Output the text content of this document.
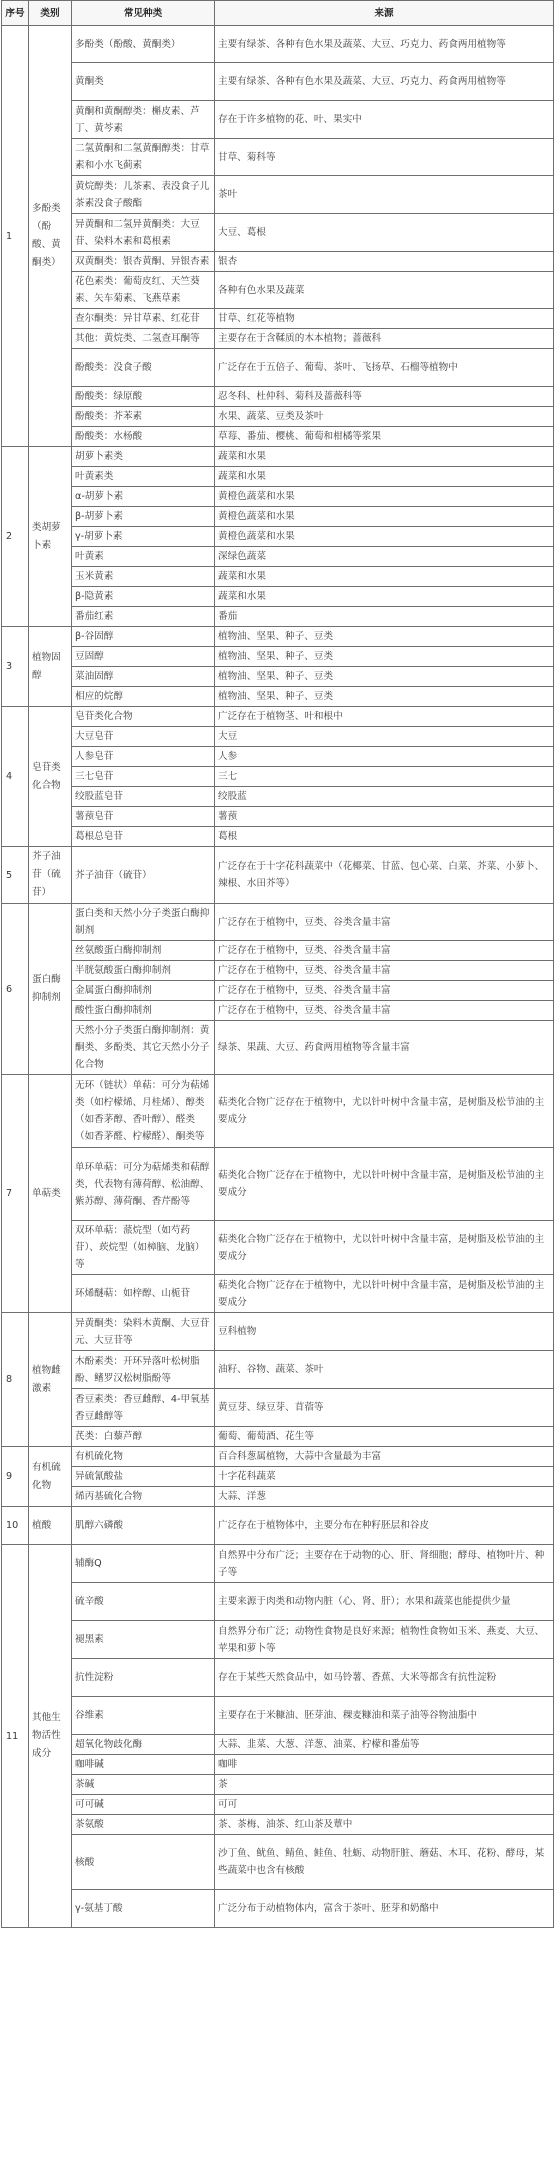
序号	类别	常见种类	来源
1	多酚类（酚酸、黄酮类）	多酚类（酚酸、黄酮类）	主要有绿茶、各种有色水果及蔬菜、大豆、巧克力、药食两用植物等
		黄酮类	主要有绿茶、各种有色水果及蔬菜、大豆、巧克力、药食两用植物等
		黄酮和黄酮醇类：槲皮素、芦丁、黄芩素	存在于许多植物的花、叶、果实中
		二氢黄酮和二氢黄酮醇类：甘草素和小水飞蓟素	甘草、菊科等
		黄烷醇类：儿茶素、表没食子儿茶素没食子酸酯	茶叶
		异黄酮和二氢异黄酮类：大豆苷、染料木素和葛根素	大豆、葛根
		双黄酮类：银杏黄酮、异银杏素	银杏
		花色素类：葡萄皮红、天竺葵素、矢车菊素、飞燕草素	各种有色水果及蔬菜
		查尔酮类：异甘草素、红花苷	甘草、红花等植物
		其他：黄烷类、二氢查耳酮等	主要存在于含鞣质的木本植物；蔷薇科
		酚酸类：没食子酸	广泛存在于五倍子、葡萄、茶叶、飞扬草、石榴等植物中
		酚酸类：绿原酸	忍冬科、杜仲科、菊科及蔷薇科等
		酚酸类：芥苯素	水果、蔬菜、豆类及茶叶
		酚酸类：水杨酸	草莓、番茄、樱桃、葡萄和柑橘等浆果
2	类胡萝卜素	胡萝卜素类	蔬菜和水果
		叶黄素类	蔬菜和水果
		α-胡萝卜素	黄橙色蔬菜和水果
		β-胡萝卜素	黄橙色蔬菜和水果
		γ-胡萝卜素	黄橙色蔬菜和水果
		叶黄素	深绿色蔬菜
		玉米黄素	蔬菜和水果
		β-隐黄素	蔬菜和水果
		番茄红素	番茄
3	植物固醇	β-谷固醇	植物油、坚果、种子、豆类
		豆固醇	植物油、坚果、种子、豆类
		菜油固醇	植物油、坚果、种子、豆类
		相应的烷醇	植物油、坚果、种子、豆类
4	皂苷类化合物	皂苷类化合物	广泛存在于植物茎、叶和根中
		大豆皂苷	大豆
		人参皂苷	人参
		三七皂苷	三七
		绞股蓝皂苷	绞股蓝
		薯蓣皂苷	薯蓣
		葛根总皂苷	葛根
5	芥子油苷（硫苷）	芥子油苷（硫苷）	广泛存在于十字花科蔬菜中（花椰菜、甘蓝、包心菜、白菜、芥菜、小萝卜、辣根、水田芥等）
6	蛋白酶抑制剂	蛋白类和天然小分子类蛋白酶抑制剂	广泛存在于植物中，豆类、谷类含量丰富
		丝氨酸蛋白酶抑制剂	广泛存在于植物中，豆类、谷类含量丰富
		半胱氨酸蛋白酶抑制剂	广泛存在于植物中，豆类、谷类含量丰富
		金属蛋白酶抑制剂	广泛存在于植物中，豆类、谷类含量丰富
		酸性蛋白酶抑制剂	广泛存在于植物中，豆类、谷类含量丰富
		天然小分子类蛋白酶抑制剂：黄酮类、多酚类、其它天然小分子化合物	绿茶、果蔬、大豆、药食两用植物等含量丰富
7	单萜类	无环（链状）单萜：可分为萜烯类（如柠檬烯、月桂烯）、醇类（如香茅醇、香叶醇）、醛类（如香茅醛、柠檬醛）、酮类等	萜类化合物广泛存在于植物中，尤以针叶树中含量丰富，是树脂及松节油的主要成分
		单环单萜：可分为萜烯类和萜醇类，代表物有薄荷醇、松油醇、紫苏醇、薄荷酮、香芹酚等	萜类化合物广泛存在于植物中，尤以针叶树中含量丰富，是树脂及松节油的主要成分
		双环单萜：蒎烷型（如芍药苷）、莰烷型（如樟脑、龙脑）等	萜类化合物广泛存在于植物中，尤以针叶树中含量丰富，是树脂及松节油的主要成分
		环烯醚萜：如梓醇、山栀苷	萜类化合物广泛存在于植物中，尤以针叶树中含量丰富，是树脂及松节油的主要成分
8	植物雌激素	异黄酮类：染料木黄酮、大豆苷元、大豆苷等	豆科植物
		木酚素类：开环异落叶松树脂酚、鳍罗汉松树脂酚等	油籽、谷物、蔬菜、茶叶
		香豆素类：香豆雌醇、4-甲氧基香豆雌醇等	黄豆芽、绿豆芽、苜蓿等
		芪类：白藜芦醇	葡萄、葡萄酒、花生等
9	有机硫化物	有机硫化物	百合科葱属植物，大蒜中含量最为丰富
		异硫氰酸盐	十字花科蔬菜
		烯丙基硫化合物	大蒜、洋葱
10	植酸	肌醇六磷酸	广泛存在于植物体中，主要分布在种籽胚层和谷皮
11	其他生物活性成分	辅酶Q	自然界中分布广泛；主要存在于动物的心、肝、肾细胞；酵母、植物叶片、种子等
		硫辛酸	主要来源于肉类和动物内脏（心、肾、肝）；水果和蔬菜也能提供少量
		褪黑素	自然界分布广泛；动物性食物是良好来源；植物性食物如玉米、燕麦、大豆、苹果和萝卜等
		抗性淀粉	存在于某些天然食品中，如马铃薯、香蕉、大米等都含有抗性淀粉
		谷维素	主要存在于米糠油、胚芽油、稞麦糠油和菜子油等谷物油脂中
		超氧化物歧化酶	大蒜、韭菜、大葱、洋葱、油菜、柠檬和番茄等
		咖啡碱	咖啡
		茶碱	茶
		可可碱	可可
		茶氨酸	茶、茶梅、油茶、红山茶及蕈中
		核酸	沙丁鱼、鱿鱼、鲭鱼、鲑鱼、牡蛎、动物肝脏、蘑菇、木耳、花粉、酵母，某些蔬菜中也含有核酸
		γ-氨基丁酸	广泛分布于动植物体内，富含于茶叶、胚芽和奶酪中
